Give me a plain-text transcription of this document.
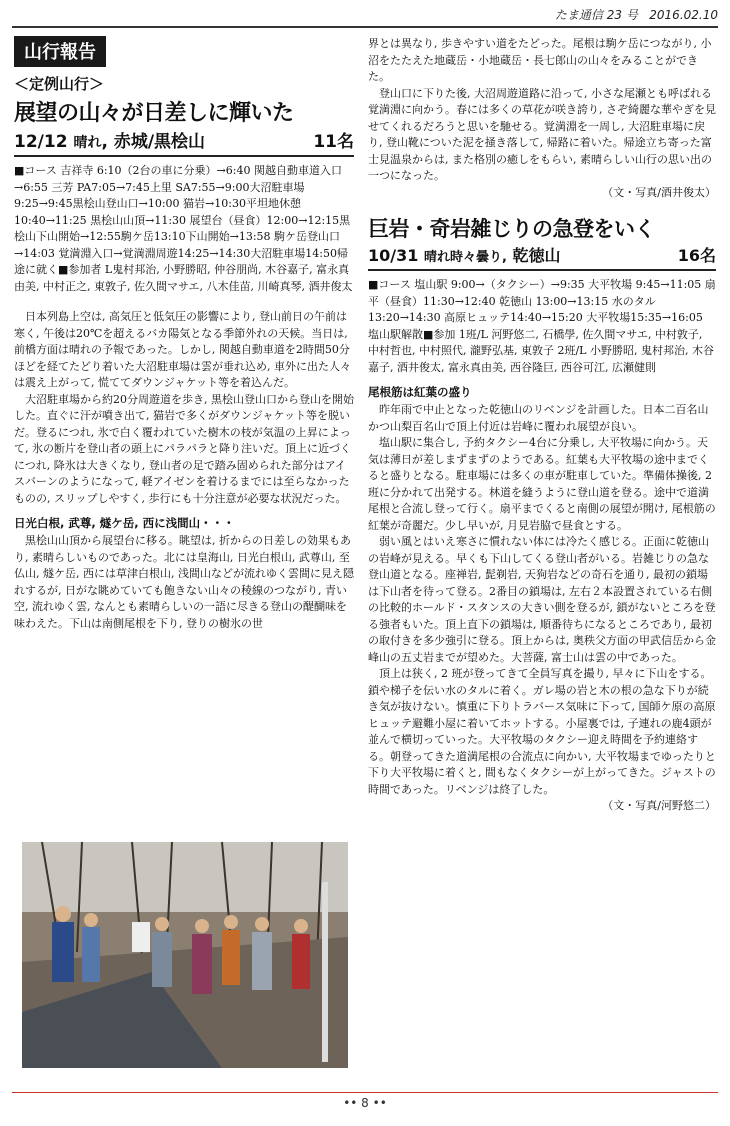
たま通信 23 号 2016.02.10
山行報告
＜定例山行＞
展望の山々が日差しに輝いた
12/12 晴れ, 赤城/黒桧山	11名
■コース 吉祥寺 6:10（2台の車に分乗）→6:40 関越自動車道入口→6:55 三芳 PA7:05→7:45上里 SA7:55→9:00大沼駐車場9:25→9:45黒桧山登山口→10:00 猫岩→10:30平坦地休憩10:40→11:25 黒桧山山頂→11:30 展望台（昼食）12:00→12:15黒桧山下山開始→12:55駒ケ岳13:10下山開始→13:58 駒ケ岳登山口→14:03 覚満淵入口→覚満淵周遊14:25→14:30大沼駐車場14:50帰途に就く■参加者 L鬼村邦治, 小野勝昭, 仲谷朋尚, 木谷嘉子, 富永真由美, 中村正之, 東敦子, 佐久間マサエ, 八木佳苗, 川崎真琴, 酒井俊太

日本列島上空は, 高気圧と低気圧の影響により, 登山前日の午前は寒く, 午後は20℃を超えるバカ陽気となる季節外れの天候。当日は, 前橋方面は晴れの予報であった。しかし, 関越自動車道を2時間50分ほどを経てたどり着いた大沼駐車場は雲が垂れ込め, 車外に出た人々は震え上がって, 慌ててダウンジャケット等を着込んだ。

大沼駐車場から約20分周遊道を歩き, 黒桧山登山口から登山を開始した。直ぐに汗が噴き出て, 猫岩で多くがダウンジャケット等を脱いだ。登るにつれ, 氷で白く覆われていた樹木の枝が気温の上昇によって, 氷の断片を登山者の頭上にパラパラと降り注いだ。頂上に近づくにつれ, 降氷は大きくなり, 登山者の足で踏み固められた部分はアイスバーンのようになって, 軽アイゼンを着けるまでには至らなかったものの, スリップしやすく, 歩行にも十分注意が必要な状況だった。

日光白根, 武尊, 燧ケ岳, 西に浅間山・・・

黒桧山山頂から展望台に移る。眺望は, 折からの日差しの効果もあり, 素晴らしいものであった。北には皇海山, 日光白根山, 武尊山, 至仏山, 燧ケ岳, 西には草津白根山, 浅間山などが流れゆく雲間に見え隠れするが, 日がな眺めていても飽きない山々の稜線のつながり, 青い空, 流れゆく雲, なんとも素晴らしいの一語に尽きる登山の醍醐味を味わえた。下山は南側尾根を下り, 登りの樹氷の世

界とは異なり, 歩きやすい道をたどった。尾根は駒ケ岳につながり, 小沼をたたえた地蔵岳・小地蔵岳・長七郎山の山々をみることができた。

登山口に下りた後, 大沼周遊道路に沿って, 小さな尾瀬とも呼ばれる覚満淵に向かう。春には多くの草花が咲き誇り, さぞ綺麗な華やぎを見せてくれるだろうと思いを馳せる。覚満淵を一周し, 大沼駐車場に戻り, 登山靴についた泥を掻き落して, 帰路に着いた。帰途立ち寄った富士見温泉からは, また格別の癒しをもらい, 素晴らしい山行の思い出の一つになった。

（文・写真/酒井俊太）
巨岩・奇岩雑じりの急登をいく
10/31 晴れ時々曇り, 乾徳山	16名
■コース 塩山駅 9:00→（タクシー）→9:35 大平牧場 9:45→11:05 扇平（昼食）11:30→12:40 乾徳山 13:00→13:15 水のタル13:20→14:30 高原ヒュッテ14:40→15:20 大平牧場15:35→16:05 塩山駅解散■参加 1班/L 河野悠二, 石橋學, 佐久間マサエ, 中村敦子, 中村哲也, 中村照代, 瀧野弘基, 東敦子 2班/L 小野勝昭, 鬼村邦治, 木谷嘉子, 酒井俊太, 富永真由美, 西谷隆巨, 西谷可江, 広瀬健則
尾根筋は紅葉の盛り

昨年雨で中止となった乾徳山のリベンジを計画した。日本二百名山かつ山梨百名山で頂上付近は岩峰に覆われ展望が良い。

塩山駅に集合し, 予約タクシー4台に分乗し, 大平牧場に向かう。天気は薄日が差しまずまずのようである。紅葉も大平牧場の途中までくると盛りとなる。駐車場には多くの車が駐車していた。準備体操後, 2班に分かれて出発する。林道を縫うように登山道を登る。途中で道満尾根と合流し登って行く。扇平までくると南側の展望が開け, 尾根筋の紅葉が奇麗だ。少し早いが, 月見岩脇で昼食とする。

弱い風とはいえ寒さに慣れない体には冷たく感じる。正面に乾徳山の岩峰が見える。早くも下山してくる登山者がいる。岩雑じりの急な登山道となる。座禅岩, 髭剃岩, 天狗岩などの奇石を通り, 最初の鎖場は下山者を待って登る。2番目の鎖場は, 左右２本設置されている右側の比較的ホールド・スタンスの大きい側を登るが, 鎖がないところを登る強者もいた。頂上直下の鎖場は, 順番待ちになるところであり, 最初の取付きを多少強引に登る。頂上からは, 奥秩父方面の甲武信岳から金峰山の五丈岩までが望めた。大菩薩, 富士山は雲の中であった。

頂上は狭く, 2 班が登ってきて全員写真を撮り, 早々に下山をする。鎖や梯子を伝い水のタルに着く。ガレ場の岩と木の根の急な下りが続き気が抜けない。慎重に下りトラバース気味に下って, 国師ケ原の高原ヒュッテ避難小屋に着いてホットする。小屋裏では, 子連れの鹿4頭が並んで横切っていった。大平牧場のタクシー迎え時間を予約連絡する。朝登ってきた道満尾根の合流点に向かい, 大平牧場までゆったりと下り大平牧場に着くと, 間もなくタクシーが上がってきた。ジャストの時間であった。リベンジは終了した。

（文・写真/河野悠二）
•• 8 ••
